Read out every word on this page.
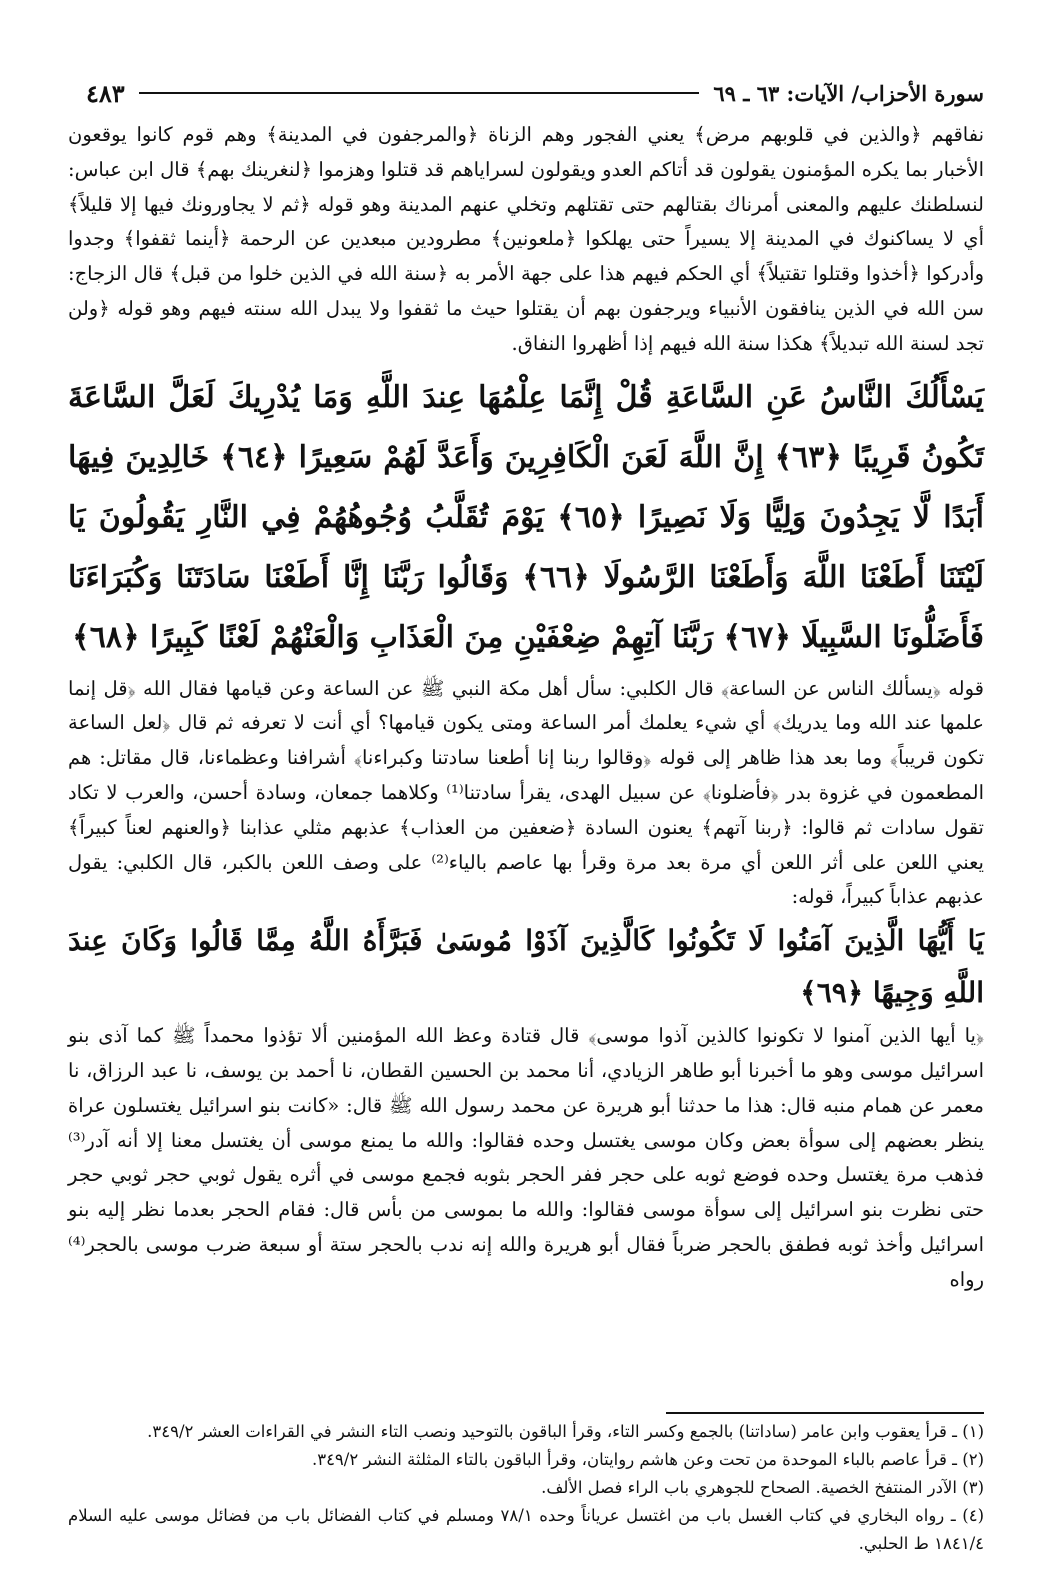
سورة الأحزاب/ الآيات: ٦٣ ـ ٦٩
٤٨٣

نفاقهم ﴿والذين في قلوبهم مرض﴾ يعني الفجور وهم الزناة ﴿والمرجفون في المدينة﴾ وهم قوم كانوا يوقعون الأخبار بما يكره المؤمنون يقولون قد أتاكم العدو ويقولون لسراياهم قد قتلوا وهزموا ﴿لنغرينك بهم﴾ قال ابن عباس: لنسلطنك عليهم والمعنى أمرناك بقتالهم حتى تقتلهم وتخلي عنهم المدينة وهو قوله ﴿ثم لا يجاورونك فيها إلا قليلاً﴾ أي لا يساكنوك في المدينة إلا يسيراً حتى يهلكوا ﴿ملعونين﴾ مطرودين مبعدين عن الرحمة ﴿أينما ثقفوا﴾ وجدوا وأدركوا ﴿أخذوا وقتلوا تقتيلاً﴾ أي الحكم فيهم هذا على جهة الأمر به ﴿سنة الله في الذين خلوا من قبل﴾ قال الزجاج: سن الله في الذين ينافقون الأنبياء ويرجفون بهم أن يقتلوا حيث ما ثقفوا ولا يبدل الله سنته فيهم وهو قوله ﴿ولن تجد لسنة الله تبديلاً﴾ هكذا سنة الله فيهم إذا أظهروا النفاق.

يَسْأَلُكَ النَّاسُ عَنِ السَّاعَةِ قُلْ إِنَّمَا عِلْمُهَا عِندَ اللَّهِ وَمَا يُدْرِيكَ لَعَلَّ السَّاعَةَ تَكُونُ قَرِيبًا ﴿٦٣﴾ إِنَّ اللَّهَ لَعَنَ الْكَافِرِينَ وَأَعَدَّ لَهُمْ سَعِيرًا ﴿٦٤﴾ خَالِدِينَ فِيهَا أَبَدًا لَّا يَجِدُونَ وَلِيًّا وَلَا نَصِيرًا ﴿٦٥﴾ يَوْمَ تُقَلَّبُ وُجُوهُهُمْ فِي النَّارِ يَقُولُونَ يَا لَيْتَنَا أَطَعْنَا اللَّهَ وَأَطَعْنَا الرَّسُولَا ﴿٦٦﴾ وَقَالُوا رَبَّنَا إِنَّا أَطَعْنَا سَادَتَنَا وَكُبَرَاءَنَا فَأَضَلُّونَا السَّبِيلَا ﴿٦٧﴾ رَبَّنَا آتِهِمْ ضِعْفَيْنِ مِنَ الْعَذَابِ وَالْعَنْهُمْ لَعْنًا كَبِيرًا ﴿٦٨﴾

قوله ﴿يسألك الناس عن الساعة﴾ قال الكلبي: سأل أهل مكة النبي ﷺ عن الساعة وعن قيامها فقال الله ﴿قل إنما علمها عند الله وما يدريك﴾ أي شيء يعلمك أمر الساعة ومتى يكون قيامها؟ أي أنت لا تعرفه ثم قال ﴿لعل الساعة تكون قريباً﴾ وما بعد هذا ظاهر إلى قوله ﴿وقالوا ربنا إنا أطعنا سادتنا وكبراءنا﴾ أشرافنا وعظماءنا، قال مقاتل: هم المطعمون في غزوة بدر ﴿فأضلونا﴾ عن سبيل الهدى، يقرأ سادتنا⁽¹⁾ وكلاهما جمعان، وسادة أحسن، والعرب لا تكاد تقول سادات ثم قالوا: ﴿ربنا آتهم﴾ يعنون السادة ﴿ضعفين من العذاب﴾ عذبهم مثلي عذابنا ﴿والعنهم لعناً كبيراً﴾ يعني اللعن على أثر اللعن أي مرة بعد مرة وقرأ بها عاصم بالياء⁽²⁾ على وصف اللعن بالكبر، قال الكلبي: يقول عذبهم عذاباً كبيراً، قوله:

يَا أَيُّهَا الَّذِينَ آمَنُوا لَا تَكُونُوا كَالَّذِينَ آذَوْا مُوسَىٰ فَبَرَّأَهُ اللَّهُ مِمَّا قَالُوا وَكَانَ عِندَ اللَّهِ وَجِيهًا ﴿٦٩﴾

﴿يا أيها الذين آمنوا لا تكونوا كالذين آذوا موسى﴾ قال قتادة وعظ الله المؤمنين ألا تؤذوا محمداً ﷺ كما آذى بنو اسرائيل موسى وهو ما أخبرنا أبو طاهر الزيادي، أنا محمد بن الحسين القطان، نا أحمد بن يوسف، نا عبد الرزاق، نا معمر عن همام منبه قال: هذا ما حدثنا أبو هريرة عن محمد رسول الله ﷺ قال: «كانت بنو اسرائيل يغتسلون عراة ينظر بعضهم إلى سوأة بعض وكان موسى يغتسل وحده فقالوا: والله ما يمنع موسى أن يغتسل معنا إلا أنه آدر⁽³⁾ فذهب مرة يغتسل وحده فوضع ثوبه على حجر ففر الحجر بثوبه فجمع موسى في أثره يقول ثوبي حجر ثوبي حجر حتى نظرت بنو اسرائيل إلى سوأة موسى فقالوا: والله ما بموسى من بأس قال: فقام الحجر بعدما نظر إليه بنو اسرائيل وأخذ ثوبه فطفق بالحجر ضرباً فقال أبو هريرة والله إنه ندب بالحجر ستة أو سبعة ضرب موسى بالحجر⁽⁴⁾ رواه

(١) ـ قرأ يعقوب وابن عامر (ساداتنا) بالجمع وكسر التاء، وقرأ الباقون بالتوحيد ونصب التاء النشر في القراءات العشر ٣٤٩/٢.

(٢) ـ قرأ عاصم بالباء الموحدة من تحت وعن هاشم روايتان، وقرأ الباقون بالتاء المثلثة النشر ٣٤٩/٢.

(٣) الآدر المنتفخ الخصية. الصحاح للجوهري باب الراء فصل الألف.

(٤) ـ رواه البخاري في كتاب الغسل باب من اغتسل عرياناً وحده ٧٨/١ ومسلم في كتاب الفضائل باب من فضائل موسى عليه السلام ١٨٤١/٤ ط الحلبي.
